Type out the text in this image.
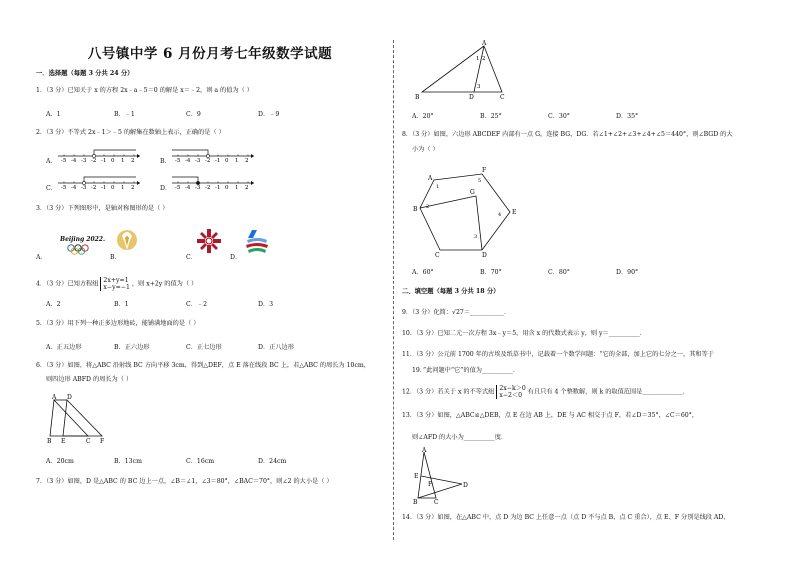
八号镇中学 6 月份月考七年级数学试题
一．选择题（每题 3 分共 24 分）
1．（3 分）已知关于 x 的方程 2x﹣a﹣5＝0 的解是 x＝﹣2，则 a 的值为（ ）
A．1	B．﹣1	C．9	D．﹣9
2．（3 分）不等式 2x﹣1＞﹣5 的解集在数轴上表示，正确的是（ ）
A．	B．
C．	D．
-5 -4 -3 -2 -1 0 1 2	-5 -4 -3 -2 -1 0 1 2
-5 -4 -3 -2 -1 0 1 2	-5 -4 -3 -2 -1 0 1 2
3．（3 分）下列图形中，是轴对称图形的是（ ）
A．	B．	C．	D．
Beijing 2022.
4．（3 分）已知方程组 2x+y=1
x−y=−1 ，则 x+2y 的值为（ ）
A．2	B．1	C．﹣2	D．3
5．（3 分）用下列一种正多边形地砖，能铺满地面的是（ ）
A．正五边形	B．正六边形	C．正七边形	D．正八边形
6．（3 分）如图，将△ABC 沿射线 BC 方向平移 3cm，得到△DEF，点 E 落在线段 BC 上，若△ABC 的周长为 10cm，
则四边形 ABFD 的周长为（ ）
A D
B E	C F
A．20cm	B．13cm	C．16cm	D．24cm
7．（3 分）如图，D 是△ABC 的 BC 边上一点，∠B＝∠1，∠3＝80°，∠BAC＝70°，则∠2 的大小是（ ）
A
1 2
3
B	D	C
A．20°	B．25°	C．30°	D．35°
8．（3 分）如图，六边形 ABCDEF 内部有一点 G，连接 BG，DG．若∠1+∠2+∠3+∠4+∠5＝440°，则∠BGD 的大
小为（ ）
A
F
B
G
E
C	D
1
2
5
4
3
A．60°	B．70°	C．80°	D．90°
二、填空题（每题 3 分共 18 分）
9．（3 分）化简：√27＝___________．
10．（3 分）已知二元一次方程 3x﹣y＝5，用含 x 的代数式表示 y，则 y＝__________．
11．（3 分）公元前 1700 年的古埃及纸草书中，记载着一个数学问题：“它的全部，加上它的七分之一，其和等于
19．”此问题中“它”的值为__________．
12．（3 分）若关于 x 的不等式组 2x−k＞0
x−2＜0 有且只有 4 个整数解，则 k 的取值范围是_____________．
13．（3 分）如图，△ABC≌△DEB，点 E 在边 AB 上，DE 与 AC 相交于点 F，若∠D＝35°，∠C＝60°，
则∠AFD 的大小为__________度．
A
E
D
F
B	C
14．（3 分）如图，在△ABC 中，点 D 为边 BC 上任意一点（点 D 不与点 B，点 C 重合），点 E、F 分别是线段 AD、
